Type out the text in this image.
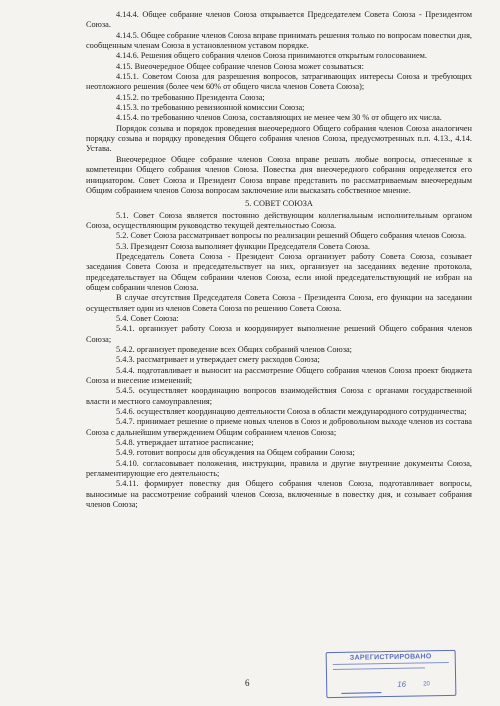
4.14.4. Общее собрание членов Союза открывается Председателем Совета Союза - Президентом Союза.

4.14.5. Общее собрание членов Союза вправе принимать решения только по вопросам повестки дня, сообщенным членам Союза в установленном уставом порядке.

4.14.6. Решения общего собрания членов Союза принимаются открытым голосованием.

4.15. Внеочередное Общее собрание членов Союза может созываться:

4.15.1. Советом Союза для разрешения вопросов, затрагивающих интересы Союза и требующих неотложного решения (более чем 60% от общего числа членов Совета Союза);

4.15.2. по требованию Президента Союза;

4.15.3. по требованию ревизионной комиссии Союза;

4.15.4. по требованию членов Союза, составляющих не менее чем 30 % от общего их числа.

Порядок созыва и порядок проведения внеочередного Общего собрания членов Союза аналогичен порядку созыва и порядку проведения Общего собрания членов Союза, предусмотренных п.п. 4.13., 4.14. Устава.

Внеочередное Общее собрание членов Союза вправе решать любые вопросы, отнесенные к компетенции Общего собрания членов Союза. Повестка дня внеочередного собрания определяется его инициатором. Совет Союза и Президент Союза вправе представить по рассматриваемым внеочередным Общим собранием членов Союза вопросам заключение или высказать собственное мнение.

5. СОВЕТ СОЮЗА

5.1. Совет Союза является постоянно действующим коллегиальным исполнительным органом Союза, осуществляющим руководство текущей деятельностью Союза.

5.2. Совет Союза рассматривает вопросы по реализации решений Общего собрания членов Союза.

5.3. Президент Союза выполняет функции Председателя Совета Союза.

Председатель Совета Союза - Президент Союза организует работу Совета Союза, созывает заседания Совета Союза и председательствует на них, организует на заседаниях ведение протокола, председательствует на Общем собрании членов Союза, если иной председательствующий не избран на общем собрании членов Союза.

В случае отсутствия Председателя Совета Союза - Президента Союза, его функции на заседании осуществляет один из членов Совета Союза по решению Совета Союза.

5.4. Совет Союза:

5.4.1. организует работу Союза и координирует выполнение решений Общего собрания членов Союза;

5.4.2. организует проведение всех Общих собраний членов Союза;

5.4.3. рассматривает и утверждает смету расходов Союза;

5.4.4. подготавливает и выносит на рассмотрение Общего собрания членов Союза проект бюджета Союза и внесение изменений;

5.4.5. осуществляет координацию вопросов взаимодействия Союза с органами государственной власти и местного самоуправления;

5.4.6. осуществляет координацию деятельности Союза в области международного сотрудничества;

5.4.7. принимает решение о приеме новых членов в Союз и добровольном выходе членов из состава Союза с дальнейшим утверждением Общим собранием членов Союза;

5.4.8. утверждает штатное расписание;

5.4.9. готовит вопросы для обсуждения на Общем собрании Союза;

5.4.10. согласовывает положения, инструкции, правила и другие внутренние документы Союза, регламентирующие его деятельность;

5.4.11. формирует повестку дня Общего собрания членов Союза, подготавливает вопросы, выносимые на рассмотрение собраний членов Союза, включенные в повестку дня, и созывает собрания членов Союза;

6
ЗАРЕГИСТРИРОВАНО
16	20
